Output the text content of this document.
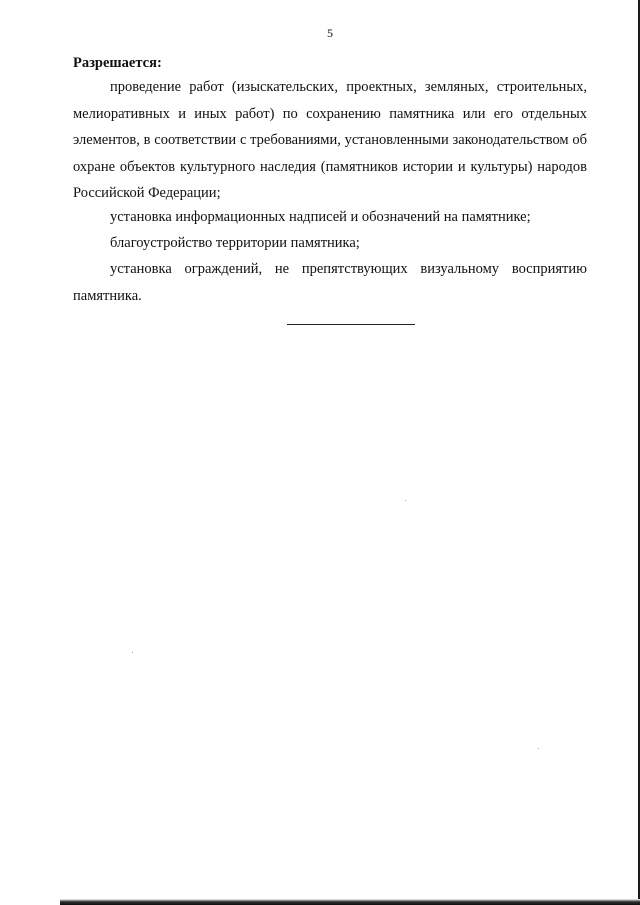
5
Разрешается:

проведение работ (изыскательских, проектных, земляных, строительных, мелиоративных и иных работ) по сохранению памятника или его отдельных элементов, в соответствии с требованиями, установленными законодательством об охране объектов культурного наследия (памятников истории и культуры) народов Российской Федерации;

установка информационных надписей и обозначений на памятнике;

благоустройство территории памятника;

установка ограждений, не препятствующих визуальному восприятию памятника.
